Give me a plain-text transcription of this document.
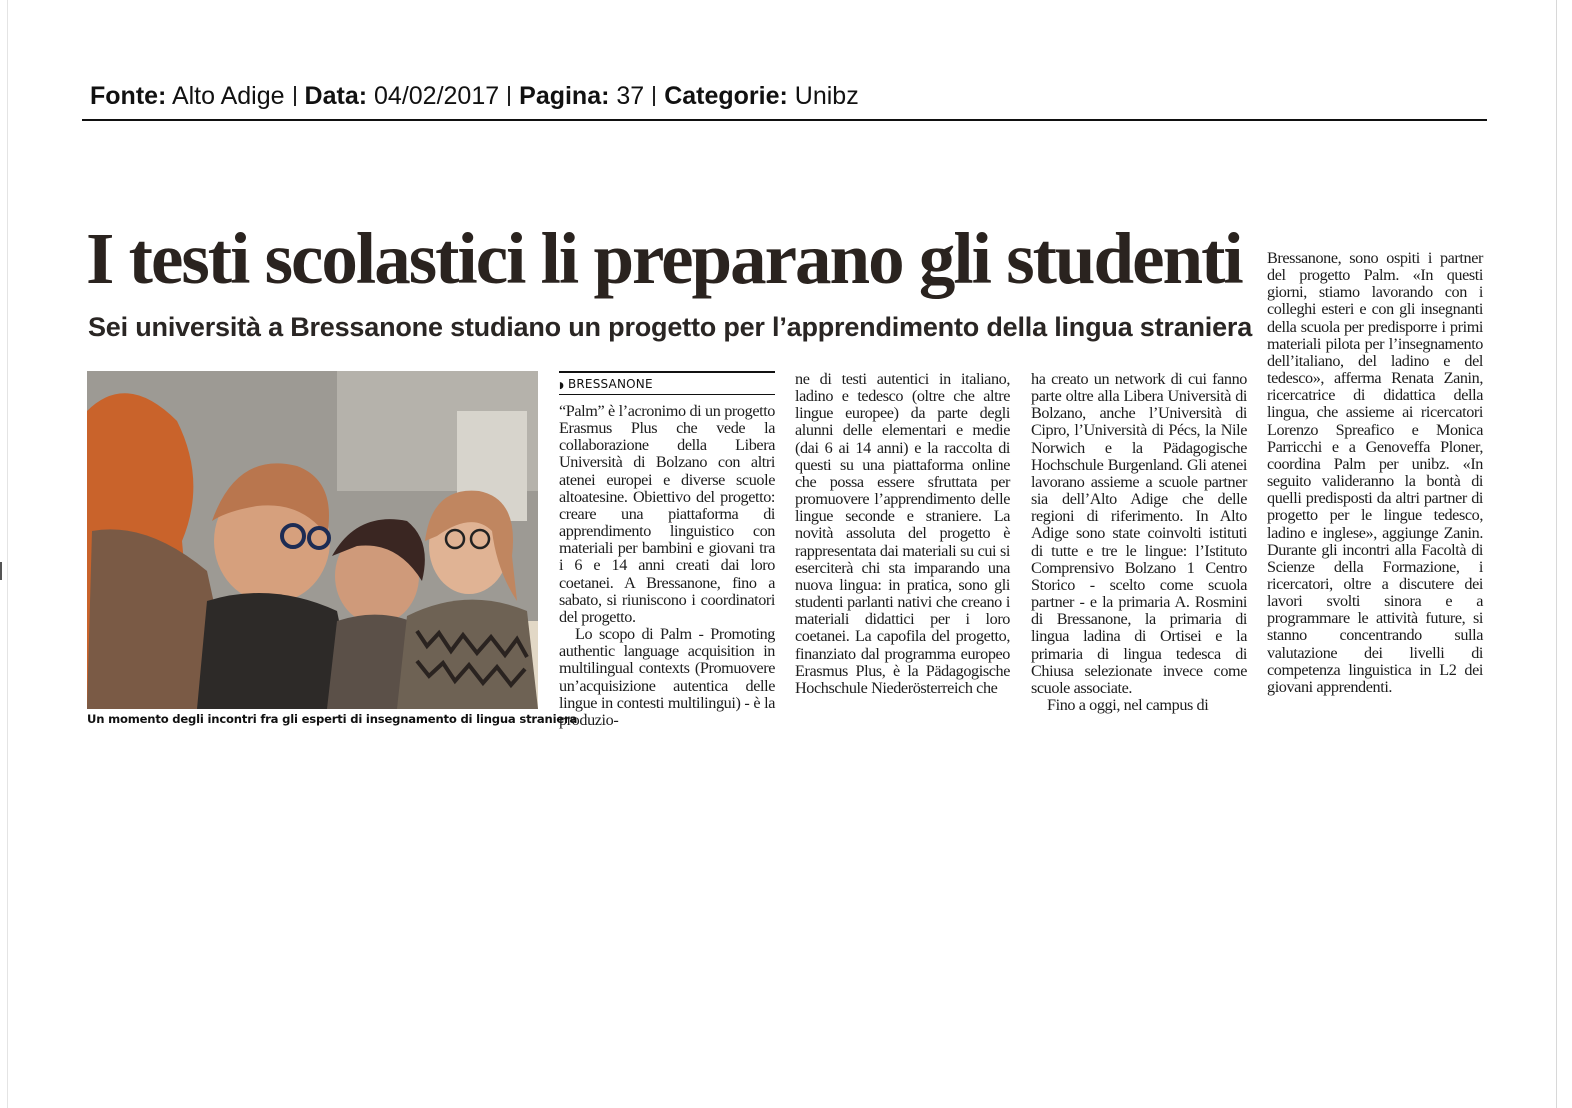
Fonte: Alto Adige Data: 04/02/2017 Pagina: 37 Categorie: Unibz
I testi scolastici li preparano gli studenti
Sei università a Bressanone studiano un progetto per l’apprendimento della lingua straniera

Un momento degli incontri fra gli esperti di insegnamento di lingua straniera

◗ BRESSANONE

“Palm” è l’acronimo di un progetto Erasmus Plus che vede la collaborazione della Libera Università di Bolzano con altri atenei europei e diverse scuole altoatesine. Obiettivo del progetto: creare una piattaforma di apprendimento linguistico con materiali per bambini e giovani tra i 6 e 14 anni creati dai loro coetanei. A Bressanone, fino a sabato, si riuniscono i coordinatori del progetto.

Lo scopo di Palm - Promoting authentic language acquisition in multilingual contexts (Promuovere un’acquisizione autentica delle lingue in contesti multilingui) - è la produzio-

ne di testi autentici in italiano, ladino e tedesco (oltre che altre lingue europee) da parte degli alunni delle elementari e medie (dai 6 ai 14 anni) e la raccolta di questi su una piattaforma online che possa essere sfruttata per promuovere l’apprendimento delle lingue seconde e straniere. La novità assoluta del progetto è rappresentata dai materiali su cui si eserciterà chi sta imparando una nuova lingua: in pratica, sono gli studenti parlanti nativi che creano i materiali didattici per i loro coetanei. La capofila del progetto, finanziato dal programma europeo Erasmus Plus, è la Pädagogische Hochschule Niederösterreich che

ha creato un network di cui fanno parte oltre alla Libera Università di Bolzano, anche l’Università di Cipro, l’Università di Pécs, la Nile Norwich e la Pädagogische Hochschule Burgenland. Gli atenei lavorano assieme a scuole partner sia dell’Alto Adige che delle regioni di riferimento. In Alto Adige sono state coinvolti istituti di tutte e tre le lingue: l’Istituto Comprensivo Bolzano 1 Centro Storico - scelto come scuola partner - e la primaria A. Rosmini di Bressanone, la primaria di lingua ladina di Ortisei e la primaria di lingua tedesca di Chiusa selezionate invece come scuole associate.

Fino a oggi, nel campus di

Bressanone, sono ospiti i partner del progetto Palm. «In questi giorni, stiamo lavorando con i colleghi esteri e con gli insegnanti della scuola per predisporre i primi materiali pilota per l’insegnamento dell’italiano, del ladino e del tedesco», afferma Renata Zanin, ricercatrice di didattica della lingua, che assieme ai ricercatori Lorenzo Spreafico e Monica Parricchi e a Genoveffa Ploner, coordina Palm per unibz. «In seguito valideranno la bontà di quelli predisposti da altri partner di progetto per le lingue tedesco, ladino e inglese», aggiunge Zanin. Durante gli incontri alla Facoltà di Scienze della Formazione, i ricercatori, oltre a discutere dei lavori svolti sinora e a programmare le attività future, si stanno concentrando sulla valutazione dei livelli di competenza linguistica in L2 dei giovani apprendenti.
